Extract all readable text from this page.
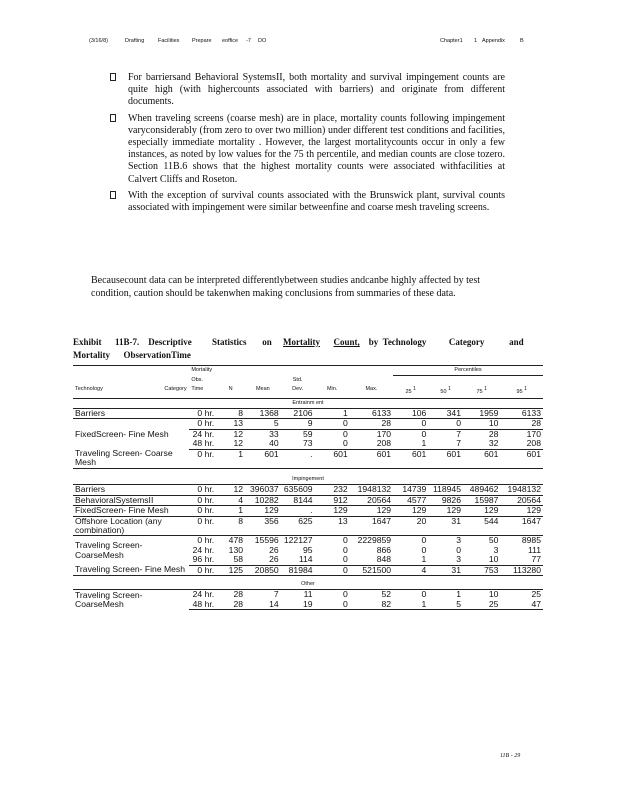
(3/16/8)	Drafting Facilities Prepare eoffice -7 DO	Chapter1 1 Appendix	B
For barriersand Behavioral SystemsII, both mortality and survival impingement counts are quite high (with highercounts associated with barriers) and originate from different documents.
When traveling screens (coarse mesh) are in place, mortality counts following impingement varyconsiderably (from zero to over two million) under different test conditions and facilities, especially immediate mortality . However, the largest mortalitycounts occur in only a few instances, as noted by low values for the 75 th percentile, and median counts are close tozero. Section 11B.6 shows that the highest mortality counts were associated withfacilities at Calvert Cliffs and Roseton.
With the exception of survival counts associated with the Brunswick plant, survival counts associated with impingement were similar betweenfine and coarse mesh traveling screens.
Becausecount data can be interpreted differentlybetween studies andcanbe highly affected by test condition, caution should be takenwhen making conclusions from summaries of these data.
Exhibit 11B-7. Descriptive Statistics on Mortality Count, by Technology	Category	and
Mortality ObservationTime
		Mortality						Percentiles			
		Obs.			Std.						
Technology	Category	Time	N	Mean	Dev.	Min.	Max.	25 $^1$	50 $^1$	75 $^1$	95 $^1$
Entrainm ent											
Barriers		0 hr.	8	1368	2106	1	6133	106	341	1959	6133
FixedScreen- Fine Mesh		0 hr.	13	5	9	0	28	0	0	10	28
		24 hr.	12	33	59	0	170	0	7	28	170
		48 hr.	12	40	73	0	208	1	7	32	208
Traveling Screen- Coarse Mesh		0 hr.	1	601	.	601	601	601	601	601	601
Impingement											
Barriers		0 hr.	12	396037	635609	232	1948132	14739	118945	489462	1948132
BehavioralSystemsII		0 hr.	4	10282	8144	912	20564	4577	9826	15987	20564
FixedScreen- Fine Mesh		0 hr.	1	129	.	129	129	129	129	129	129
Offshore Location (any combination)		0 hr.	8	356	625	13	1647	20	31	544	1647
Traveling Screen- CoarseMesh		0 hr.	478	15596	122127	0	2229859	0	3	50	8985
		24 hr.	130	26	95	0	866	0	0	3	111
		96 hr.	58	26	114	0	848	1	3	10	77
Traveling Screen- Fine Mesh		0 hr.	125	20850	81984	0	521500	4	31	753	113280
Other											
Traveling Screen- CoarseMesh		24 hr.	28	7	11	0	52	0	1	10	25
		48 hr.	28	14	19	0	82	1	5	25	47
11B - 29
